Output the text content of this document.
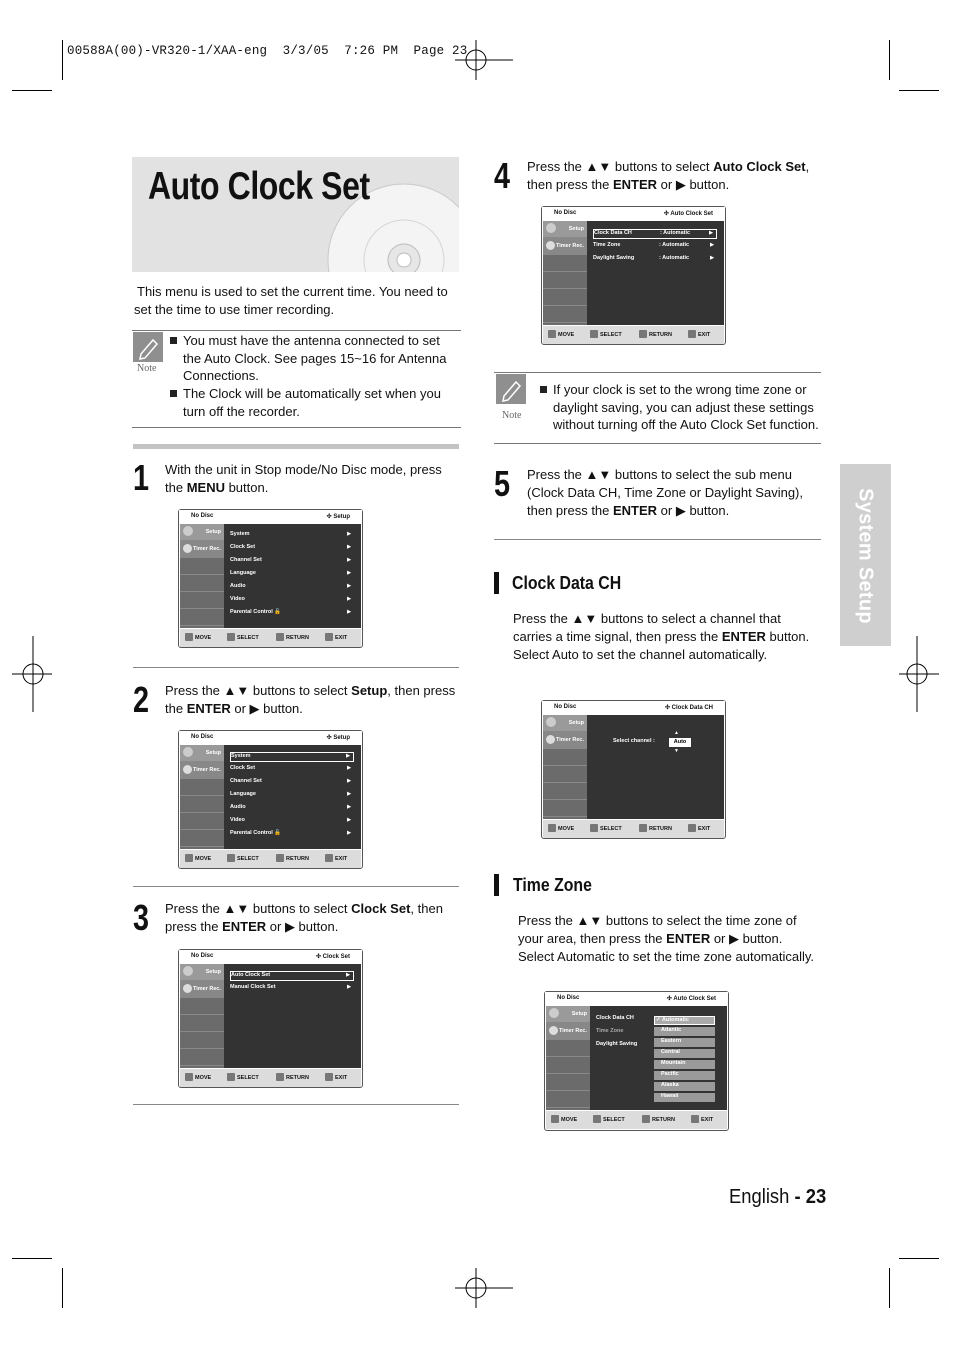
00588A(00)-VR320-1/XAA-eng  3/3/05  7:26 PM  Page 23
Auto Clock Set
This menu is used to set the current time. You need to
set the time to use timer recording.
Note
You must have the antenna connected to set
the Auto Clock. See pages 15~16 for Antenna
Connections.
The Clock will be automatically set when you
turn off the recorder.
1 With the unit in Stop mode/No Disc mode, press
the MENU button.
No Disc	✣ Setup
Setup
Timer Rec.
System	▶
Clock Set	▶
Channel Set	▶
Language	▶
Audio	▶
Video	▶
Parental Control 🔓	▶
MOVE	SELECT	RETURN	EXIT
2 Press the ▲▼ buttons to select Setup, then press
the ENTER or ▶ button.
No Disc	✣ Setup
Setup
Timer Rec.
System	▶
Clock Set	▶
Channel Set	▶
Language	▶
Audio	▶
Video	▶
Parental Control 🔓	▶
MOVE	SELECT	RETURN	EXIT
3 Press the ▲▼ buttons to select Clock Set, then
press the ENTER or ▶ button.
No Disc	✣ Clock Set
Setup
Timer Rec.
Auto Clock Set	▶
Manual Clock Set	▶
MOVE	SELECT	RETURN	EXIT
4 Press the ▲▼ buttons to select Auto Clock Set,
then press the ENTER or ▶ button.
No Disc	✣ Auto Clock Set
Setup
Timer Rec.
Clock Data CH	: Automatic	▶
Time Zone	: Automatic	▶
Daylight Saving	: Automatic	▶
MOVE	SELECT	RETURN	EXIT
Note
If your clock is set to the wrong time zone or
daylight saving, you can adjust these settings
without turning off the Auto Clock Set function.
5 Press the ▲▼ buttons to select the sub menu
(Clock Data CH, Time Zone or Daylight Saving),
then press the ENTER or ▶ button.	System Setup
Clock Data CH
Press the ▲▼ buttons to select a channel that
carries a time signal, then press the ENTER button.
Select Auto to set the channel automatically.
No Disc	✣ Clock Data CH
Setup
Timer Rec.	Select channel :
▲
Auto
▼
MOVE	SELECT	RETURN	EXIT
Time Zone
Press the ▲▼ buttons to select the time zone of
your area, then press the ENTER or ▶ button.
Select Automatic to set the time zone automatically.
No Disc	✣ Auto Clock Set
Setup
Timer Rec.
Clock Data CH
Time Zone
Daylight Saving
✓ Automatic
Atlantic
Eastern
Central
Mountain
Pacific
Alaska
Hawaii
MOVE	SELECT	RETURN	EXIT
English - 23
